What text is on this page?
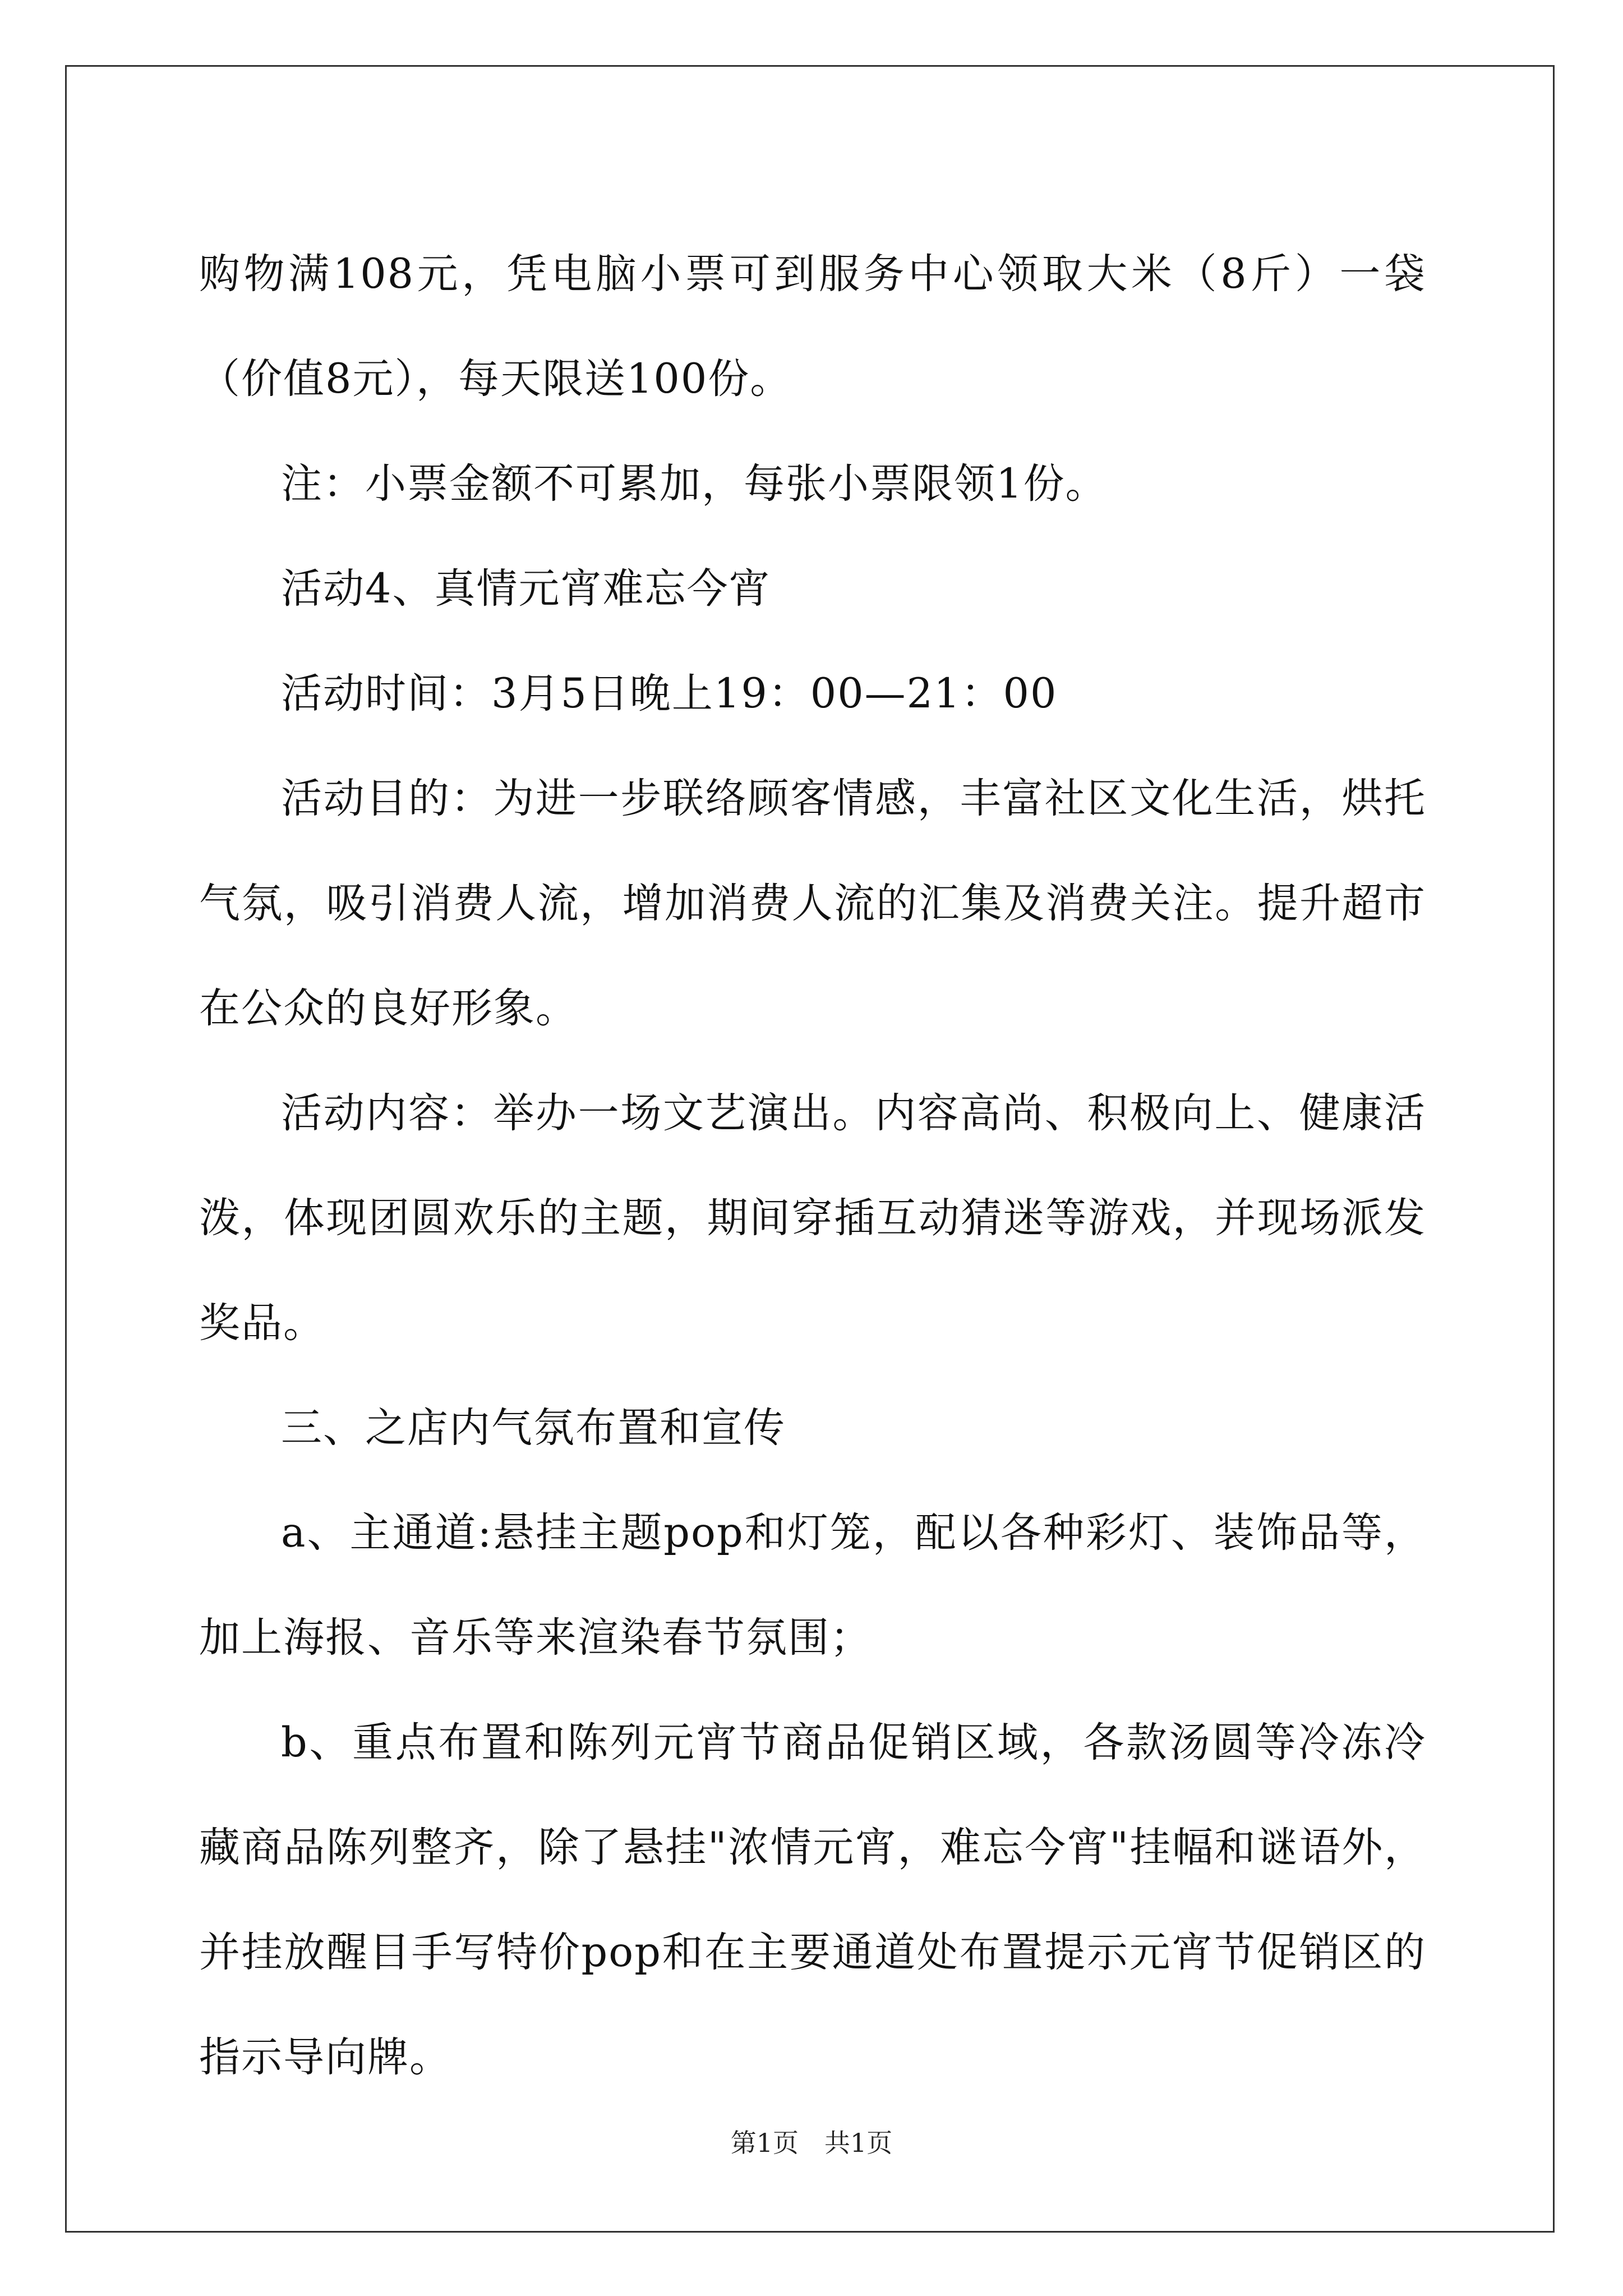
购物满108元，凭电脑小票可到服务中心领取大米（8斤）一袋（价值8元），每天限送100份。

注：小票金额不可累加，每张小票限领1份。

活动4、真情元宵难忘今宵

活动时间：3月5日晚上19：00—21：00

活动目的：为进一步联络顾客情感，丰富社区文化生活，烘托气氛，吸引消费人流，增加消费人流的汇集及消费关注。提升超市在公众的良好形象。

活动内容：举办一场文艺演出。内容高尚、积极向上、健康活泼，体现团圆欢乐的主题，期间穿插互动猜迷等游戏，并现场派发奖品。

三、之店内气氛布置和宣传

a、主通道:悬挂主题pop和灯笼，配以各种彩灯、装饰品等，加上海报、音乐等来渲染春节氛围；

b、重点布置和陈列元宵节商品促销区域，各款汤圆等冷冻冷藏商品陈列整齐，除了悬挂"浓情元宵，难忘今宵"挂幅和谜语外，并挂放醒目手写特价pop和在主要通道处布置提示元宵节促销区的指示导向牌。

第1页　共1页
